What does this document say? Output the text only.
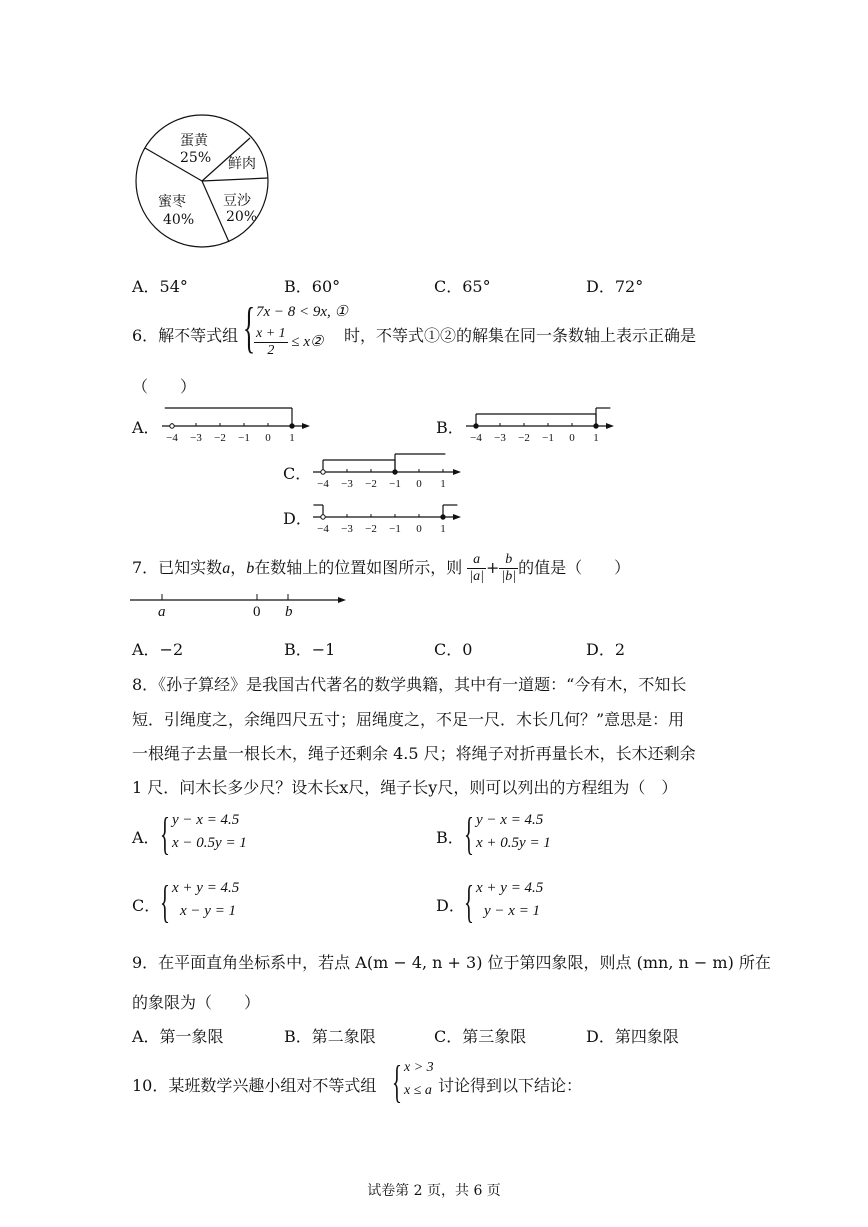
蛋黄
25% 鲜肉
豆沙
20%
蜜枣
40%
A．54°	B．60°	C．65°	D．72°
6．解不等式组 { 7x − 8 < 9x, ①
$\frac{x + 1}{2}$ ≤ x② 时，不等式①②的解集在同一条数轴上表示正确是
（　　）
A．
−4 −3 −2 −1 0 1
B．
−4 −3 −2 −1 0 1
C．
−4 −3 −2 −1 0 1
D．
−4 −3 −2 −1 0 1
7．已知实数a，b在数轴上的位置如图所示，则 $\frac{a}{|a|} + \frac{b}{|b|}$ 的值是（　　）
a	0 b
A．−2	B．−1	C．0	D．2
8．《孙子算经》是我国古代著名的数学典籍，其中有一道题：“今有木，不知长
短．引绳度之，余绳四尺五寸；屈绳度之，不足一尺．木长几何？”意思是：用
一根绳子去量一根长木，绳子还剩余 4.5 尺；将绳子对折再量长木，长木还剩余
1 尺．问木长多少尺？设木长x尺，绳子长y尺，则可以列出的方程组为（　）
A． { y − x = 4.5
x − 0.5y = 1	B． { y − x = 4.5
x + 0.5y = 1
C． { x + y = 4.5
x − y = 1	D． { x + y = 4.5
y − x = 1
9．在平面直角坐标系中，若点 A(m − 4, n + 3) 位于第四象限，则点 (mn, n − m) 所在
的象限为（　　）
A．第一象限	B．第二象限	C．第三象限	D．第四象限
10．某班数学兴趣小组对不等式组 { x > 3
x ≤ a 讨论得到以下结论：
试卷第 2 页，共 6 页
